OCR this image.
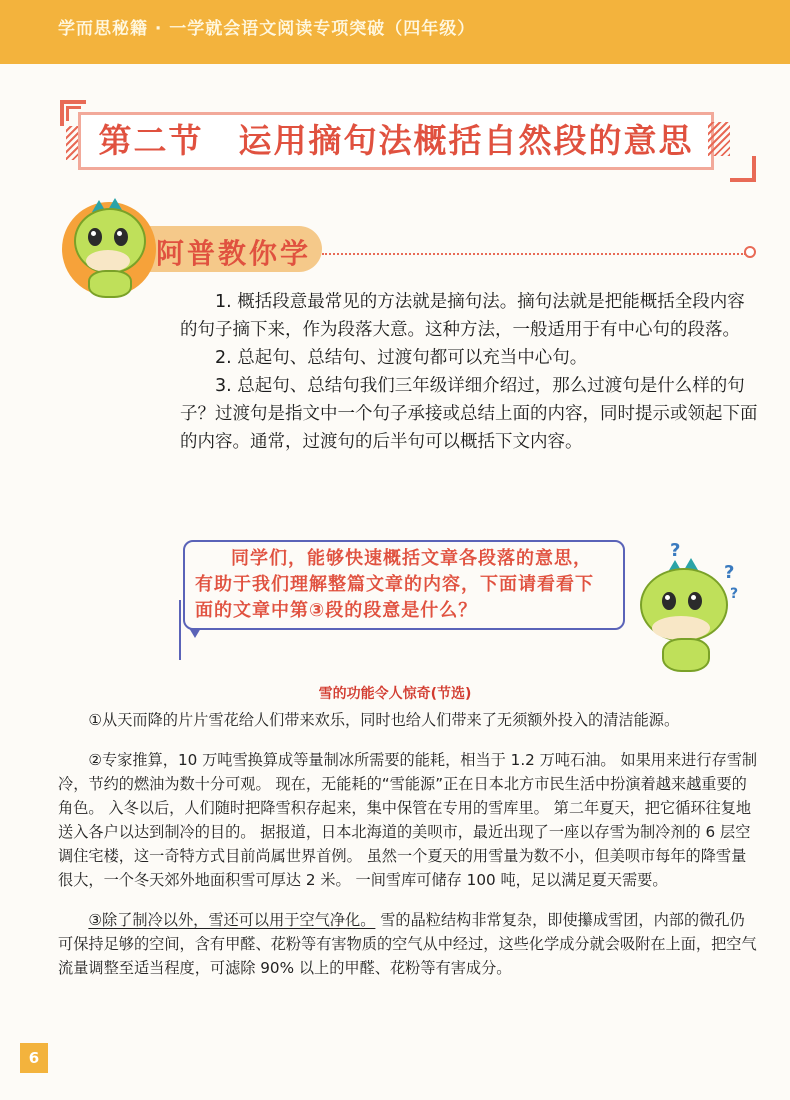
学而思秘籍 · 一学就会语文阅读专项突破（四年级）
第二节　运用摘句法概括自然段的意思
阿普教你学

1. 概括段意最常见的方法就是摘句法。摘句法就是把能概括全段内容的句子摘下来，作为段落大意。这种方法，一般适用于有中心句的段落。

2. 总起句、总结句、过渡句都可以充当中心句。

3. 总起句、总结句我们三年级详细介绍过，那么过渡句是什么样的句子？过渡句是指文中一个句子承接或总结上面的内容，同时提示或领起下面的内容。通常，过渡句的后半句可以概括下文内容。

同学们，能够快速概括文章各段落的意思，有助于我们理解整篇文章的内容，下面请看看下面的文章中第③段的段意是什么？
?
?
?
雪的功能令人惊奇(节选)

①从天而降的片片雪花给人们带来欢乐，同时也给人们带来了无须额外投入的清洁能源。

②专家推算，10 万吨雪换算成等量制冰所需要的能耗，相当于 1.2 万吨石油。 如果用来进行存雪制冷，节约的燃油为数十分可观。 现在，无能耗的“雪能源”正在日本北方市民生活中扮演着越来越重要的角色。 入冬以后，人们随时把降雪积存起来，集中保管在专用的雪库里。 第二年夏天，把它循环往复地送入各户以达到制冷的目的。 据报道，日本北海道的美呗市，最近出现了一座以存雪为制冷剂的 6 层空调住宅楼，这一奇特方式目前尚属世界首例。 虽然一个夏天的用雪量为数不小，但美呗市每年的降雪量很大，一个冬天郊外地面积雪可厚达 2 米。 一间雪库可储存 100 吨，足以满足夏天需要。

③除了制冷以外，雪还可以用于空气净化。 雪的晶粒结构非常复杂，即使攥成雪团，内部的微孔仍可保持足够的空间，含有甲醛、花粉等有害物质的空气从中经过，这些化学成分就会吸附在上面，把空气流量调整至适当程度，可滤除 90% 以上的甲醛、花粉等有害成分。

6
